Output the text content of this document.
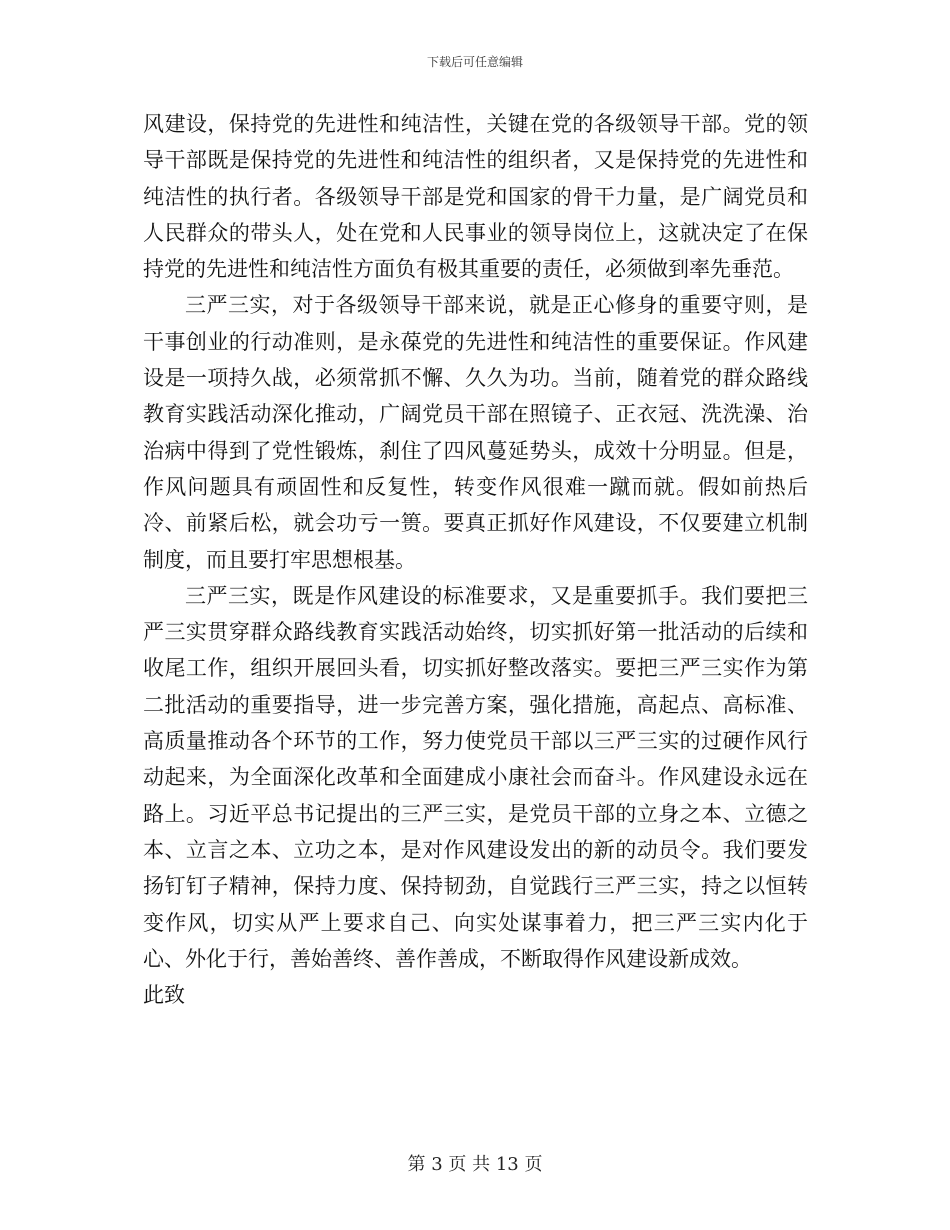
下载后可任意编辑

风建设，保持党的先进性和纯洁性，关键在党的各级领导干部。党的领导干部既是保持党的先进性和纯洁性的组织者，又是保持党的先进性和纯洁性的执行者。各级领导干部是党和国家的骨干力量，是广阔党员和人民群众的带头人，处在党和人民事业的领导岗位上，这就决定了在保持党的先进性和纯洁性方面负有极其重要的责任，必须做到率先垂范。

三严三实，对于各级领导干部来说，就是正心修身的重要守则，是干事创业的行动准则，是永葆党的先进性和纯洁性的重要保证。作风建设是一项持久战，必须常抓不懈、久久为功。当前，随着党的群众路线教育实践活动深化推动，广阔党员干部在照镜子、正衣冠、洗洗澡、治治病中得到了党性锻炼，刹住了四风蔓延势头，成效十分明显。但是，作风问题具有顽固性和反复性，转变作风很难一蹴而就。假如前热后冷、前紧后松，就会功亏一篑。要真正抓好作风建设，不仅要建立机制制度，而且要打牢思想根基。

三严三实，既是作风建设的标准要求，又是重要抓手。我们要把三严三实贯穿群众路线教育实践活动始终，切实抓好第一批活动的后续和收尾工作，组织开展回头看，切实抓好整改落实。要把三严三实作为第二批活动的重要指导，进一步完善方案，强化措施，高起点、高标准、高质量推动各个环节的工作，努力使党员干部以三严三实的过硬作风行动起来，为全面深化改革和全面建成小康社会而奋斗。作风建设永远在路上。习近平总书记提出的三严三实，是党员干部的立身之本、立德之本、立言之本、立功之本，是对作风建设发出的新的动员令。我们要发扬钉钉子精神，保持力度、保持韧劲，自觉践行三严三实，持之以恒转变作风，切实从严上要求自己、向实处谋事着力，把三严三实内化于心、外化于行，善始善终、善作善成，不断取得作风建设新成效。

此致

第 3 页 共 13 页
